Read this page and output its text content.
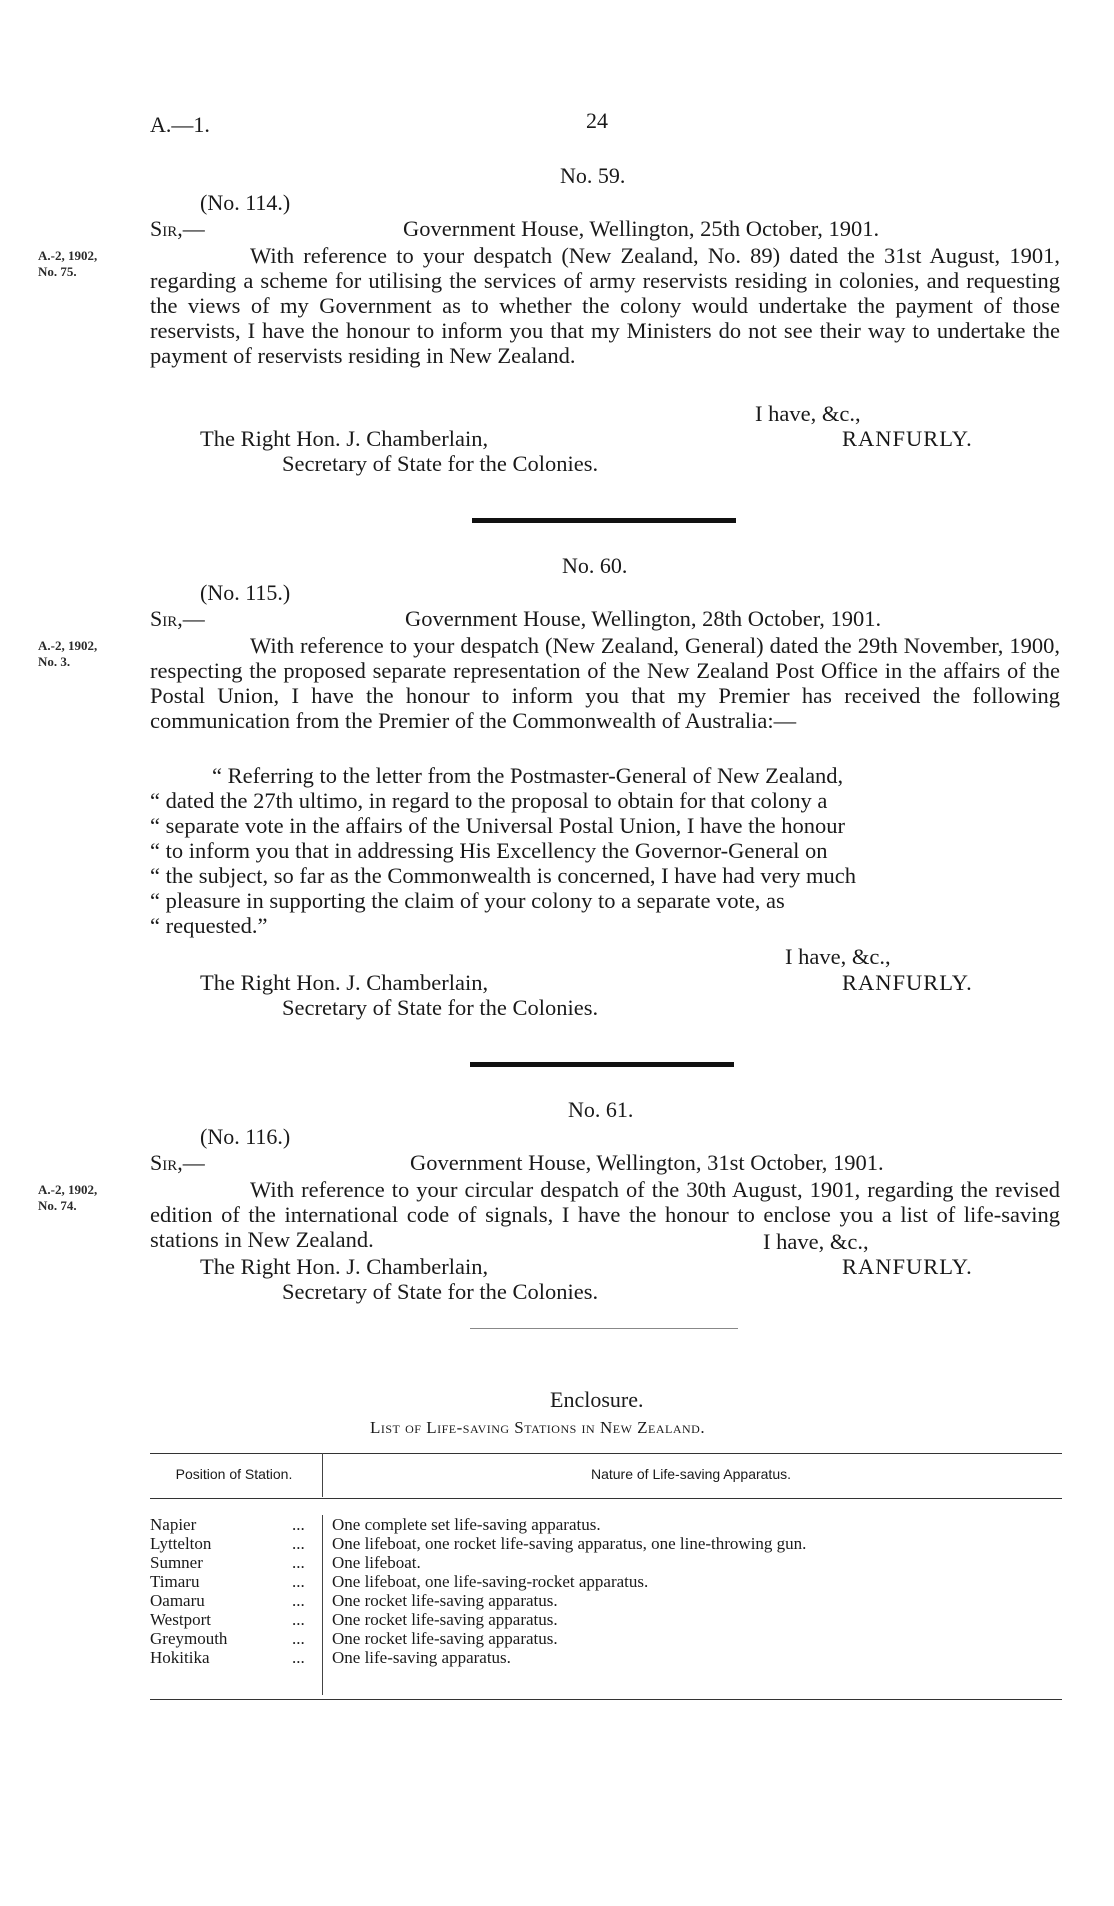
A.—1.	24
No. 59.
(No. 114.)
Sir,—	Government House, Wellington, 25th October, 1901.
A.-2, 1902,
No. 75.

With reference to your despatch (New Zealand, No. 89) dated the 31st August, 1901, regarding a scheme for utilising the services of army reservists residing in colonies, and requesting the views of my Government as to whether the colony would undertake the payment of those reservists, I have the honour to inform you that my Ministers do not see their way to undertake the payment of reservists residing in New Zealand.

I have, &c.,
The Right Hon. J. Chamberlain,	RANFURLY.
Secretary of State for the Colonies.
No. 60.
(No. 115.)
Sir,—	Government House, Wellington, 28th October, 1901.
A.-2, 1902,
No. 3.

With reference to your despatch (New Zealand, General) dated the 29th November, 1900, respecting the proposed separate representation of the New Zealand Post Office in the affairs of the Postal Union, I have the honour to inform you that my Premier has received the following communication from the Premier of the Commonwealth of Australia:—

“ Referring to the letter from the Postmaster-General of New Zealand,
“ dated the 27th ultimo, in regard to the proposal to obtain for that colony a
“ separate vote in the affairs of the Universal Postal Union, I have the honour
“ to inform you that in addressing His Excellency the Governor-General on
“ the subject, so far as the Commonwealth is concerned, I have had very much
“ pleasure in supporting the claim of your colony to a separate vote, as
“ requested.”
I have, &c.,
The Right Hon. J. Chamberlain,	RANFURLY.
Secretary of State for the Colonies.
No. 61.
(No. 116.)
Sir,—	Government House, Wellington, 31st October, 1901.
A.-2, 1902,
No. 74.

With reference to your circular despatch of the 30th August, 1901, regarding the revised edition of the international code of signals, I have the honour to enclose you a list of life-saving stations in New Zealand.	I have, &c.,
The Right Hon. J. Chamberlain,	RANFURLY.
Secretary of State for the Colonies.
Enclosure.
List of Life-saving Stations in New Zealand.
Position of Station.	Nature of Life-saving Apparatus.
Napier	... One complete set life-saving apparatus.
Lyttelton	... One lifeboat, one rocket life-saving apparatus, one line-throwing gun.
Sumner	... One lifeboat.
Timaru	... One lifeboat, one life-saving-rocket apparatus.
Oamaru	... One rocket life-saving apparatus.
Westport	... One rocket life-saving apparatus.
Greymouth	... One rocket life-saving apparatus.
Hokitika	... One life-saving apparatus.
